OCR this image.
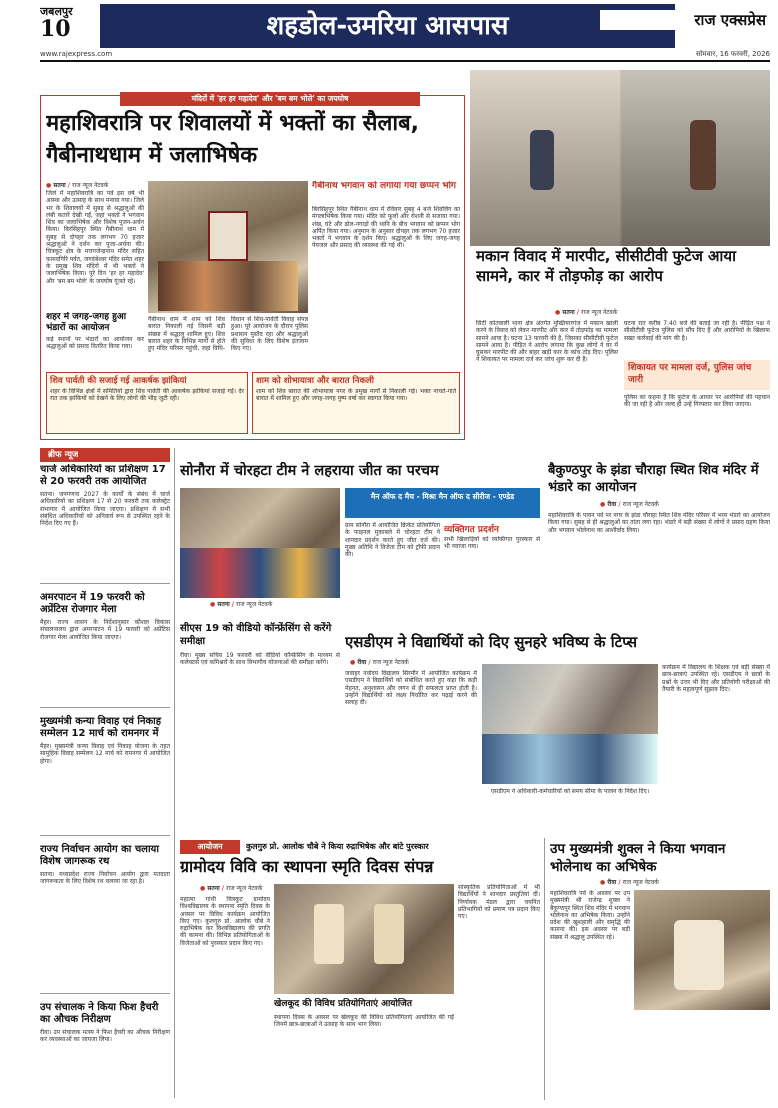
जबलपुर
10	शहडोल-उमरिया आसपास	राज एक्सप्रेस
www.rajexpress.com	सोमवार, 16 फरवरी, 2026
मंदिरों में 'हर हर महादेव' और 'बम बम भोले' का जयघोष
महाशिवरात्रि पर शिवालयों में भक्तों का सैलाब, गैबीनाथधाम में जलाभिषेक
● सतना / राज न्यूज नेटवर्क
जिले में महाशिवरात्रि का पर्व इस वर्ष भी आस्था और उत्साह के साथ मनाया गया। जिले भर के शिवालयों में सुबह से श्रद्धालुओं की लंबी कतारें देखी गईं, जहां भक्तों ने भगवान शिव का जलाभिषेक और विशेष पूजन-अर्चन किया। बिरसिंहपुर स्थित गैबीनाथ धाम में सुबह से दोपहर तक लगभग 70 हजार श्रद्धालुओं ने दर्शन कर पूजा-अर्चना की। चित्रकूट क्षेत्र के मत्तगजेन्द्रनाथ मंदिर सहित कामदगिरि पर्वत, जगदंबेश्वर मंदिर समेत शहर के प्रमुख शिव मंदिरों में भी भक्तों ने जलाभिषेक किया। पूरे दिन 'हर हर महादेव' और 'बम बम भोले' के जयघोष गूंजते रहे।
शहर में जगह-जगह हुआ भंडारों का आयोजन
कई स्थानों पर भंडारों का आयोजन कर श्रद्धालुओं को प्रसाद वितरित किया गया।
गैबीनाथ धाम में शाम को शिव बारात निकाली गई जिसमें बड़ी संख्या में श्रद्धालु शामिल हुए। शिव बारात शहर के विभिन्न मार्गों से होते हुए मंदिर परिसर पहुंची, जहां विधि-विधान से शिव-पार्वती विवाह संपन्न हुआ। पूरे आयोजन के दौरान पुलिस प्रशासन मुस्तैद रहा और श्रद्धालुओं की सुविधा के लिए विशेष इंतजाम किए गए।
गैबीनाथ भगवान को लगाया गया छप्पन भोग
बिरसिंहपुर स्थित गैबीनाथ धाम में रविवार सुबह 4 बजे शिवलिंग का मंगलाभिषेक किया गया। मंदिर को फूलों और रोशनी से सजाया गया। शंख, घंटे और ढोल-नगाड़ों की ध्वनि के बीच भगवान को छप्पन भोग अर्पित किया गया। अनुमान के अनुसार दोपहर तक लगभग 70 हजार भक्तों ने भगवान के दर्शन किए। श्रद्धालुओं के लिए जगह-जगह पेयजल और प्रसाद की व्यवस्था की गई थी।
शिव पार्वती की सजाई गई आकर्षक झांकियां
शहर के विभिन्न क्षेत्रों में समितियों द्वारा शिव पार्वती की आकर्षक झांकियां सजाई गईं। देर रात तक झांकियों को देखने के लिए लोगों की भीड़ जुटी रही।
शाम को शोभायात्रा और बारात निकली
शाम को शिव बारात की शोभायात्रा नगर के प्रमुख मार्गों से निकाली गई। भक्त नाचते-गाते बारात में शामिल हुए और जगह-जगह पुष्प वर्षा कर स्वागत किया गया।
मकान विवाद में मारपीट, सीसीटीवी फुटेज आया सामने, कार में तोड़फोड़ का आरोप
● सतना / राज न्यूज नेटवर्क
सिटी कोतवाली थाना क्षेत्र अंतर्गत मुख्तियारगंज में मकान खाली करने के विवाद को लेकर मारपीट और कार में तोड़फोड़ का मामला सामने आया है। घटना 13 फरवरी की है, जिसका सीसीटीवी फुटेज सामने आया है। पीड़ित ने आरोप लगाया कि कुछ लोगों ने घर में घुसकर मारपीट की और बाहर खड़ी कार के कांच तोड़ दिए। पुलिस ने शिकायत पर मामला दर्ज कर जांच शुरू कर दी है।
घटना रात करीब 7:40 बजे की बताई जा रही है। पीड़ित पक्ष ने सीसीटीवी फुटेज पुलिस को सौंप दिए हैं और आरोपियों के खिलाफ सख्त कार्रवाई की मांग की है।
शिकायत पर मामला दर्ज, पुलिस जांच जारी
पुलिस का कहना है कि फुटेज के आधार पर आरोपियों की पहचान की जा रही है और जल्द ही उन्हें गिरफ्तार कर लिया जाएगा।
ब्रीफ न्यूज
चार्ज अधिकारियों का प्रशिक्षण 17 से 20 फरवरी तक आयोजित
सतना। जनगणना 2027 के कार्यों के संबंध में चार्ज अधिकारियों का प्रशिक्षण 17 से 20 फरवरी तक कलेक्ट्रेट सभागार में आयोजित किया जाएगा। प्रशिक्षण में सभी संबंधित अधिकारियों को अनिवार्य रूप से उपस्थित रहने के निर्देश दिए गए हैं।
अमरपाटन में 19 फरवरी को अप्रेंटिस रोजगार मेला
मैहर। राज्य शासन के निर्देशानुसार कौशल विकास संचालनालय द्वारा अमरपाटन में 19 फरवरी को अप्रेंटिस रोजगार मेला आयोजित किया जाएगा।
मुख्यमंत्री कन्या विवाह एवं निकाह सम्मेलन 12 मार्च को रामनगर में
मैहर। मुख्यमंत्री कन्या विवाह एवं निकाह योजना के तहत सामूहिक विवाह सम्मेलन 12 मार्च को रामनगर में आयोजित होगा।
राज्य निर्वाचन आयोग का चलाया विशेष जागरूक रथ
सतना। मध्यप्रदेश राज्य निर्वाचन आयोग द्वारा मतदाता जागरूकता के लिए विशेष रथ चलाया जा रहा है।
उप संचालक ने किया फिश हैचरी का औचक निरीक्षण
रीवा। उप संचालक मत्स्य ने फिश हैचरी का औचक निरीक्षण कर व्यवस्थाओं का जायजा लिया।
सोनौरा में चोरहटा टीम ने लहराया जीत का परचम
मैन ऑफ द मैच - मिश्रा मैन ऑफ द सीरीज - एण्डेड
● सतना / राज न्यूज नेटवर्क
ग्राम सोनौरा में आयोजित क्रिकेट प्रतियोगिता के फाइनल मुकाबले में चोरहटा टीम ने शानदार प्रदर्शन करते हुए जीत दर्ज की। मुख्य अतिथि ने विजेता टीम को ट्रॉफी प्रदान की।
व्यक्तिगत प्रदर्शन
सभी खिलाड़ियों को व्यक्तिगत पुरस्कार से भी नवाजा गया।
सीएस 19 को वीडियो कॉन्फ्रेंसिंग से करेंगे समीक्षा
रीवा। मुख्य सचिव 19 फरवरी को वीडियो कॉन्फ्रेंसिंग के माध्यम से कलेक्टर्स एवं कमिश्नरों के साथ विभागीय योजनाओं की समीक्षा करेंगे।
बैकुण्ठपुर के झंडा चौराहा स्थित शिव मंदिर में भंडारे का आयोजन
● रीवा / राज न्यूज नेटवर्क
महाशिवरात्रि के पावन पर्व पर नगर के झंडा चौराहा स्थित शिव मंदिर परिसर में भव्य भंडारे का आयोजन किया गया। सुबह से ही श्रद्धालुओं का तांता लगा रहा। भंडारे में बड़ी संख्या में लोगों ने प्रसाद ग्रहण किया और भगवान भोलेनाथ का आशीर्वाद लिया।
एसडीएम ने विद्यार्थियों को दिए सुनहरे भविष्य के टिप्स
● रीवा / राज न्यूज नेटवर्क
जवाहर नवोदय विद्यालय सिरमौर में आयोजित कार्यक्रम में एसडीएम ने विद्यार्थियों को संबोधित करते हुए कहा कि कड़ी मेहनत, अनुशासन और लगन से ही सफलता प्राप्त होती है। उन्होंने विद्यार्थियों को लक्ष्य निर्धारित कर पढ़ाई करने की सलाह दी।
एसडीएम ने अधिकारी-कर्मचारियों को समय सीमा के पालन के निर्देश दिए।
कार्यक्रम में विद्यालय के शिक्षक एवं बड़ी संख्या में छात्र-छात्राएं उपस्थित रहे। एसडीएम ने छात्रों के प्रश्नों के उत्तर भी दिए और प्रतियोगी परीक्षाओं की तैयारी के महत्वपूर्ण सुझाव दिए।
आयोजन	कुलगुरु प्रो. आलोक चौबे ने किया रुद्राभिषेक और बांटे पुरस्कार
ग्रामोदय विवि का स्थापना स्मृति दिवस संपन्न
● सतना / राज न्यूज नेटवर्क
महात्मा गांधी चित्रकूट ग्रामोदय विश्वविद्यालय के स्थापना स्मृति दिवस के अवसर पर विविध कार्यक्रम आयोजित किए गए। कुलगुरु प्रो. आलोक चौबे ने रुद्राभिषेक कर विश्वविद्यालय की प्रगति की कामना की। विभिन्न प्रतियोगिताओं के विजेताओं को पुरस्कार प्रदान किए गए।
खेलकूद की विविध प्रतियोगिताएं आयोजित
स्थापना दिवस के अवसर पर खेलकूद की विविध प्रतियोगिताएं आयोजित की गईं जिनमें छात्र-छात्राओं ने उत्साह के साथ भाग लिया।
सांस्कृतिक प्रतियोगिताओं में भी विद्यार्थियों ने शानदार प्रस्तुतियां दीं। निर्णायक मंडल द्वारा चयनित प्रतिभागियों को प्रमाण पत्र प्रदान किए गए।
उप मुख्यमंत्री शुक्ल ने किया भगवान भोलेनाथ का अभिषेक
● रीवा / राज न्यूज नेटवर्क
महाशिवरात्रि पर्व के अवसर पर उप मुख्यमंत्री श्री राजेन्द्र शुक्ल ने बैकुण्ठपुर स्थित शिव मंदिर में भगवान भोलेनाथ का अभिषेक किया। उन्होंने प्रदेश की खुशहाली और समृद्धि की कामना की। इस अवसर पर बड़ी संख्या में श्रद्धालु उपस्थित रहे।
